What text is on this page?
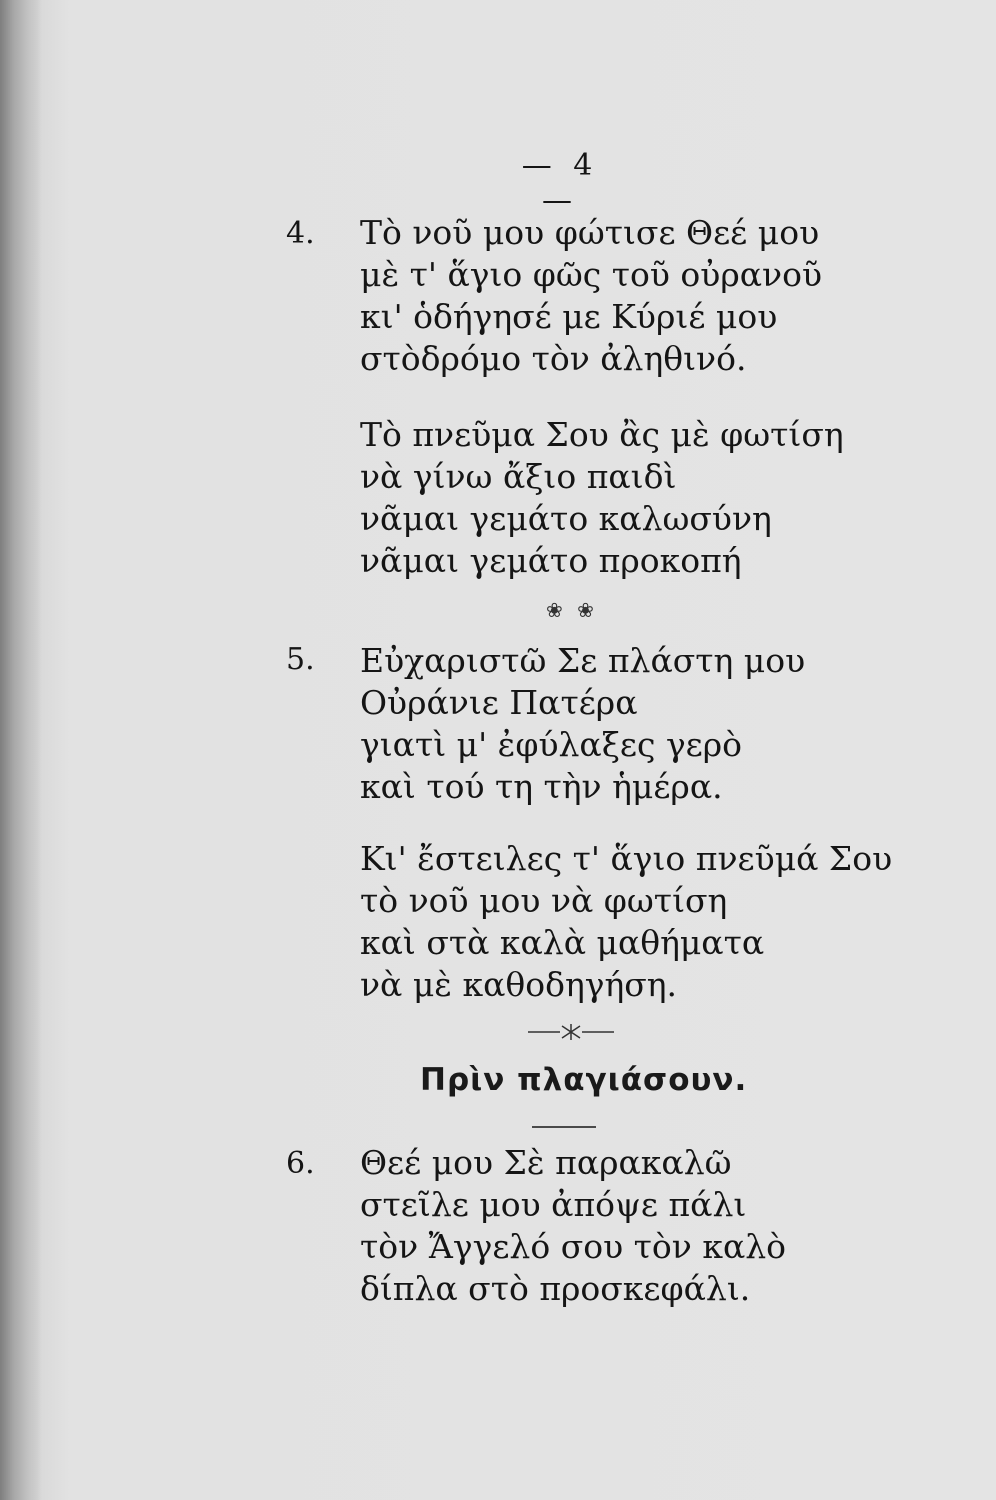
— 4 —
4. Τὸ νοῦ μου φώτισε Θεέ μου
μὲ τ' ἅγιο φῶς τοῦ οὐρανοῦ
κι' ὁδήγησέ με Κύριέ μου
στὸδρόμο τὸν ἀληθινό.
Τὸ πνεῦμα Σου ἂς μὲ φωτίση
νὰ γίνω ἄξιο παιδὶ
νᾶμαι γεμάτο καλωσύνη
νᾶμαι γεμάτο προκοπή
❀ ❀
5. Εὐχαριστῶ Σε πλάστη μου
Οὐράνιε Πατέρα
γιατὶ μ' ἐφύλαξες γερὸ
καὶ τού τη τὴν ἡμέρα.
Κι' ἔστειλες τ' ἅγιο πνεῦμά Σου
τὸ νοῦ μου νὰ φωτίση
καὶ στὰ καλὰ μαθήματα
νὰ μὲ καθοδηγήση.
Πρὶν πλαγιάσουν.
6. Θεέ μου Σὲ παρακαλῶ
στεῖλε μου ἀπόψε πάλι
τὸν Ἄγγελό σου τὸν καλὸ
δίπλα στὸ προσκεφάλι.
